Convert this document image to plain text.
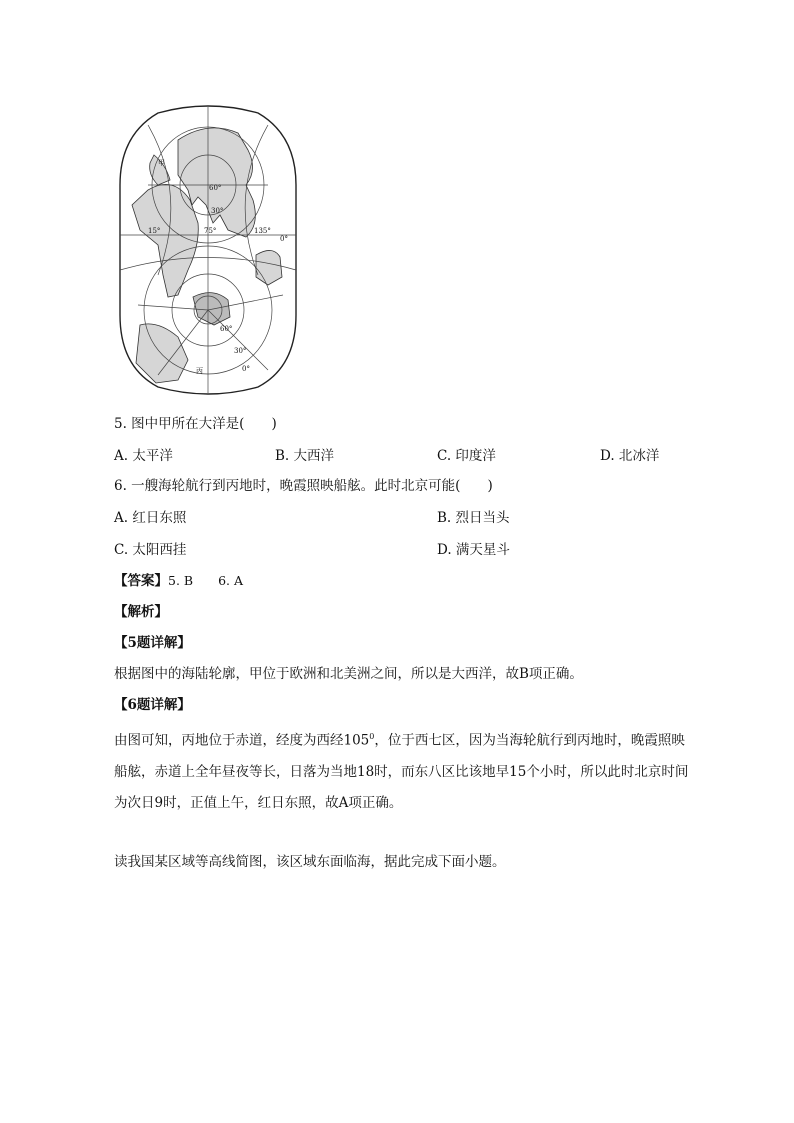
甲
60°
30°
15°	75°	135°
0°
60°
30°
0°
丙
5. 图中甲所在大洋是(　　)
A. 太平洋	B. 大西洋	C. 印度洋	D. 北冰洋
6. 一艘海轮航行到丙地时，晚霞照映船舷。此时北京可能(　　)
A. 红日东照	B. 烈日当头
C. 太阳西挂	D. 满天星斗
【答案】5. B　　6. A
【解析】
【5题详解】
根据图中的海陆轮廓，甲位于欧洲和北美洲之间，所以是大西洋，故B项正确。
【6题详解】
由图可知，丙地位于赤道，经度为西经$105^0$，位于西七区，因为当海轮航行到丙地时，晚霞照映船舷，赤道上全年昼夜等长，日落为当地18时，而东八区比该地早15个小时，所以此时北京时间为次日9时，正值上午，红日东照，故A项正确。
读我国某区域等高线简图，该区域东面临海，据此完成下面小题。
